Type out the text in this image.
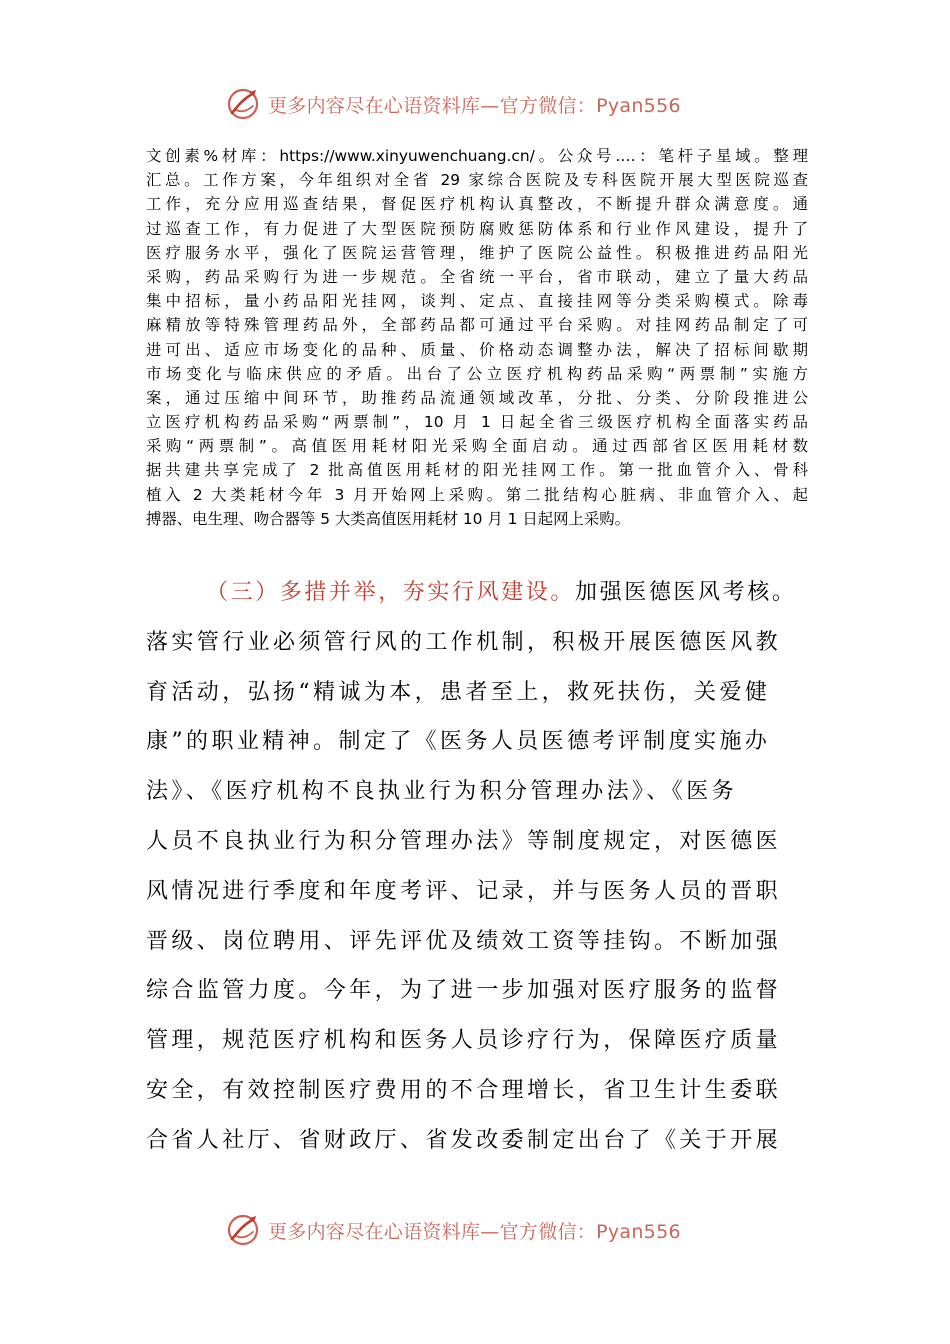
更多内容尽在心语资料库—官方微信：Pyan556
文创素%材库：https://www.xinyuwenchuang.cn/。公众号….：笔杆子星域。整理
汇总。工作方案，今年组织对全省 29 家综合医院及专科医院开展大型医院巡查
工作，充分应用巡查结果，督促医疗机构认真整改，不断提升群众满意度。通
过巡查工作，有力促进了大型医院预防腐败惩防体系和行业作风建设，提升了
医疗服务水平，强化了医院运营管理，维护了医院公益性。积极推进药品阳光
采购，药品采购行为进一步规范。全省统一平台，省市联动，建立了量大药品
集中招标，量小药品阳光挂网，谈判、定点、直接挂网等分类采购模式。除毒
麻精放等特殊管理药品外，全部药品都可通过平台采购。对挂网药品制定了可
进可出、适应市场变化的品种、质量、价格动态调整办法，解决了招标间歇期
市场变化与临床供应的矛盾。出台了公立医疗机构药品采购“两票制”实施方
案，通过压缩中间环节，助推药品流通领域改革，分批、分类、分阶段推进公
立医疗机构药品采购“两票制”，10 月 1 日起全省三级医疗机构全面落实药品
采购“两票制”。高值医用耗材阳光采购全面启动。通过西部省区医用耗材数
据共建共享完成了 2 批高值医用耗材的阳光挂网工作。第一批血管介入、骨科
植入 2 大类耗材今年 3 月开始网上采购。第二批结构心脏病、非血管介入、起
搏器、电生理、吻合器等 5 大类高值医用耗材 10 月 1 日起网上采购。
（三）多措并举，夯实行风建设。加强医德医风考核。
落实管行业必须管行风的工作机制，积极开展医德医风教
育活动，弘扬“精诚为本，患者至上，救死扶伤，关爱健
康”的职业精神。制定了《医务人员医德考评制度实施办
法》、《医疗机构不良执业行为积分管理办法》、《医务
人员不良执业行为积分管理办法》等制度规定，对医德医
风情况进行季度和年度考评、记录，并与医务人员的晋职
晋级、岗位聘用、评先评优及绩效工资等挂钩。不断加强
综合监管力度。今年，为了进一步加强对医疗服务的监督
管理，规范医疗机构和医务人员诊疗行为，保障医疗质量
安全，有效控制医疗费用的不合理增长，省卫生计生委联
合省人社厅、省财政厅、省发改委制定出台了《关于开展
更多内容尽在心语资料库—官方微信：Pyan556
